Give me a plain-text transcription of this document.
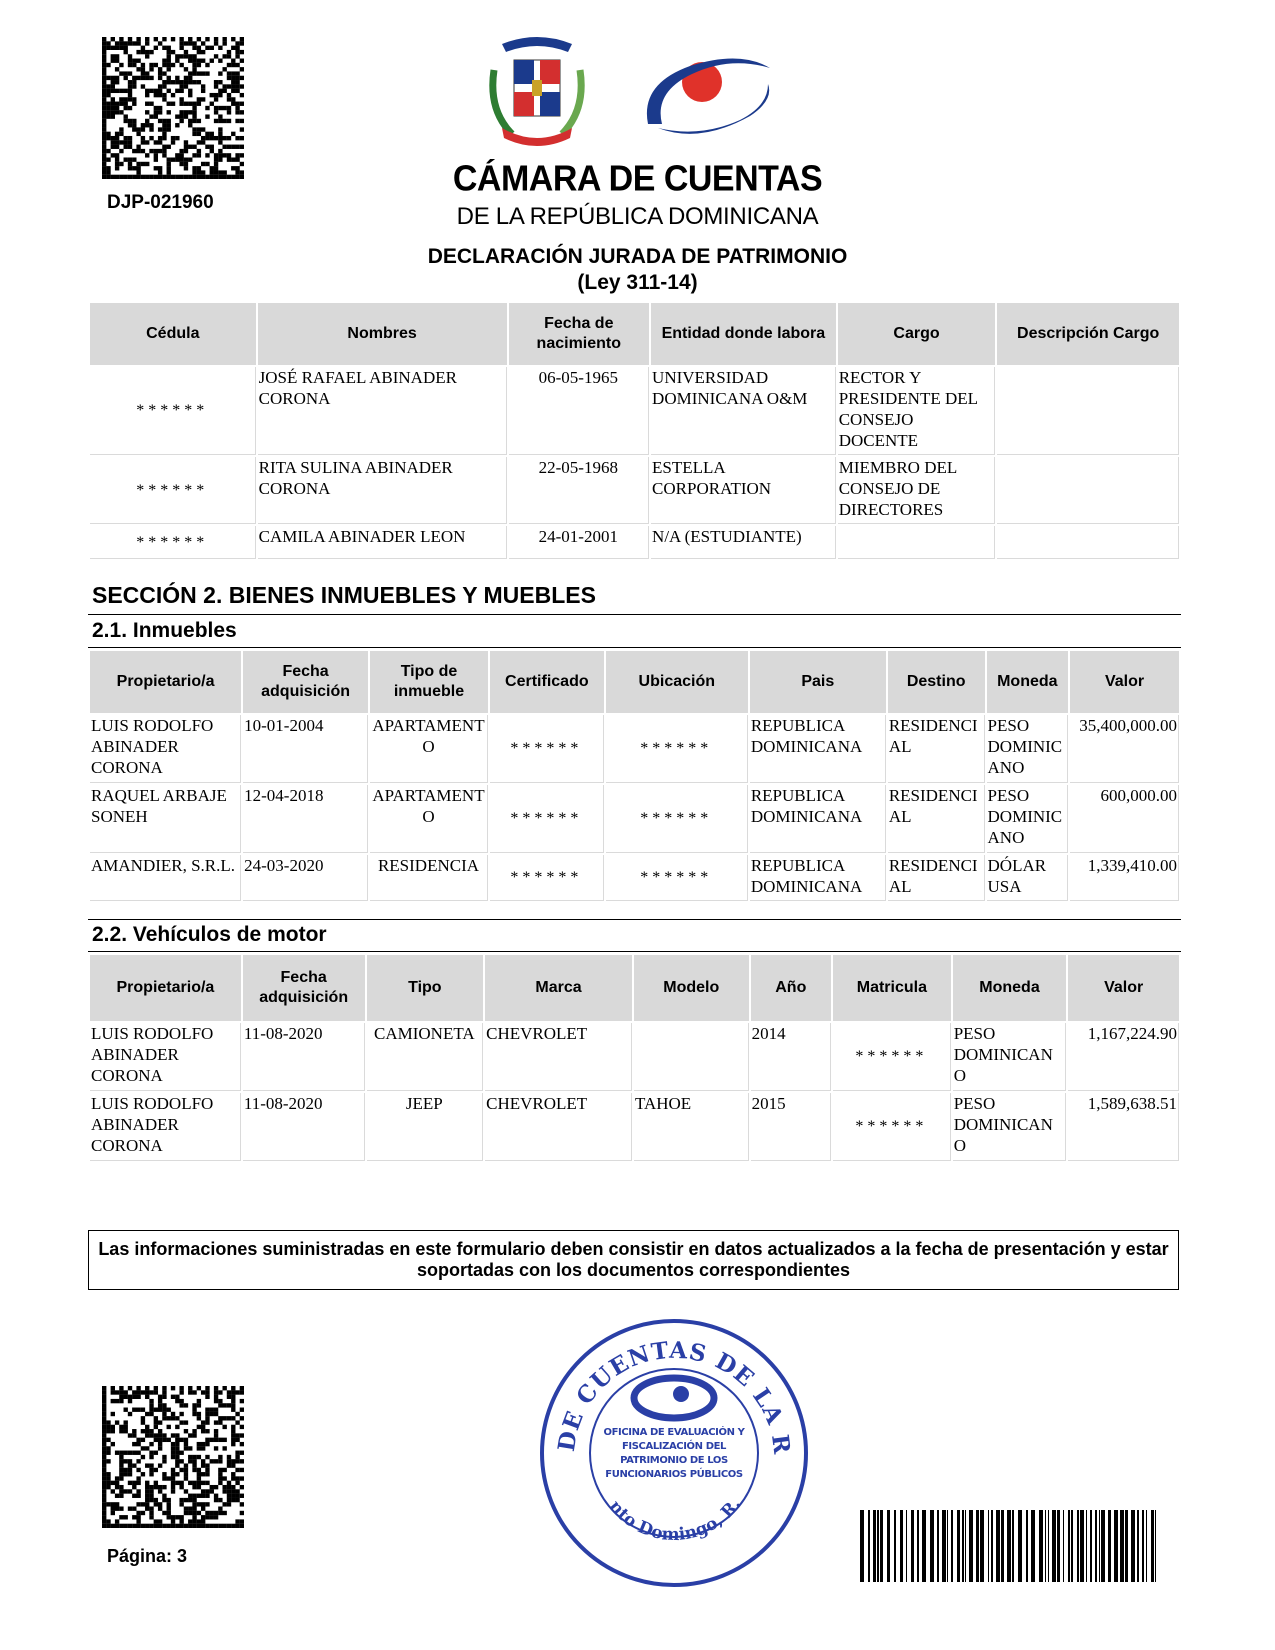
DJP-021960
CÁMARA DE CUENTAS
DE LA REPÚBLICA DOMINICANA
DECLARACIÓN JURADA DE PATRIMONIO
(Ley 311-14)
Cédula	Nombres	Fecha de nacimiento	Entidad donde labora	Cargo	Descripción Cargo
******	JOSÉ RAFAEL ABINADER CORONA	06-05-1965	UNIVERSIDAD DOMINICANA O&M	RECTOR Y PRESIDENTE DEL CONSEJO DOCENTE	
******	RITA SULINA ABINADER CORONA	22-05-1968	ESTELLA CORPORATION	MIEMBRO DEL CONSEJO DE DIRECTORES	
******	CAMILA ABINADER LEON	24-01-2001	N/A (ESTUDIANTE)		
SECCIÓN 2. BIENES INMUEBLES Y MUEBLES
2.1. Inmuebles
Propietario/a	Fecha adquisición	Tipo de inmueble	Certificado	Ubicación	Pais	Destino	Moneda	Valor
LUIS RODOLFO ABINADER CORONA	10-01-2004	APARTAMENTO	******	******	REPUBLICA DOMINICANA	RESIDENCIAL	PESO DOMINICANO	35,400,000.00
RAQUEL ARBAJE SONEH	12-04-2018	APARTAMENTO	******	******	REPUBLICA DOMINICANA	RESIDENCIAL	PESO DOMINICANO	600,000.00
AMANDIER, S.R.L.	24-03-2020	RESIDENCIA	******	******	REPUBLICA DOMINICANA	RESIDENCIAL	DÓLAR USA	1,339,410.00
2.2. Vehículos de motor
Propietario/a	Fecha adquisición	Tipo	Marca	Modelo	Año	Matricula	Moneda	Valor
LUIS RODOLFO ABINADER CORONA	11-08-2020	CAMIONETA	CHEVROLET		2014	******	PESO DOMINICANO	1,167,224.90
LUIS RODOLFO ABINADER CORONA	11-08-2020	JEEP	CHEVROLET	TAHOE	2015	******	PESO DOMINICANO	1,589,638.51
Las informaciones suministradas en este formulario deben consistir en datos actualizados a la fecha de presentación y estar soportadas con los documentos correspondientes
Página: 3
DE CUENTAS DE LA R
OFICINA DE EVALUACIÓN Y FISCALIZACIÓN DEL PATRIMONIO DE LOS FUNCIONARIOS PÚBLICOS
nto Domingo, R.
